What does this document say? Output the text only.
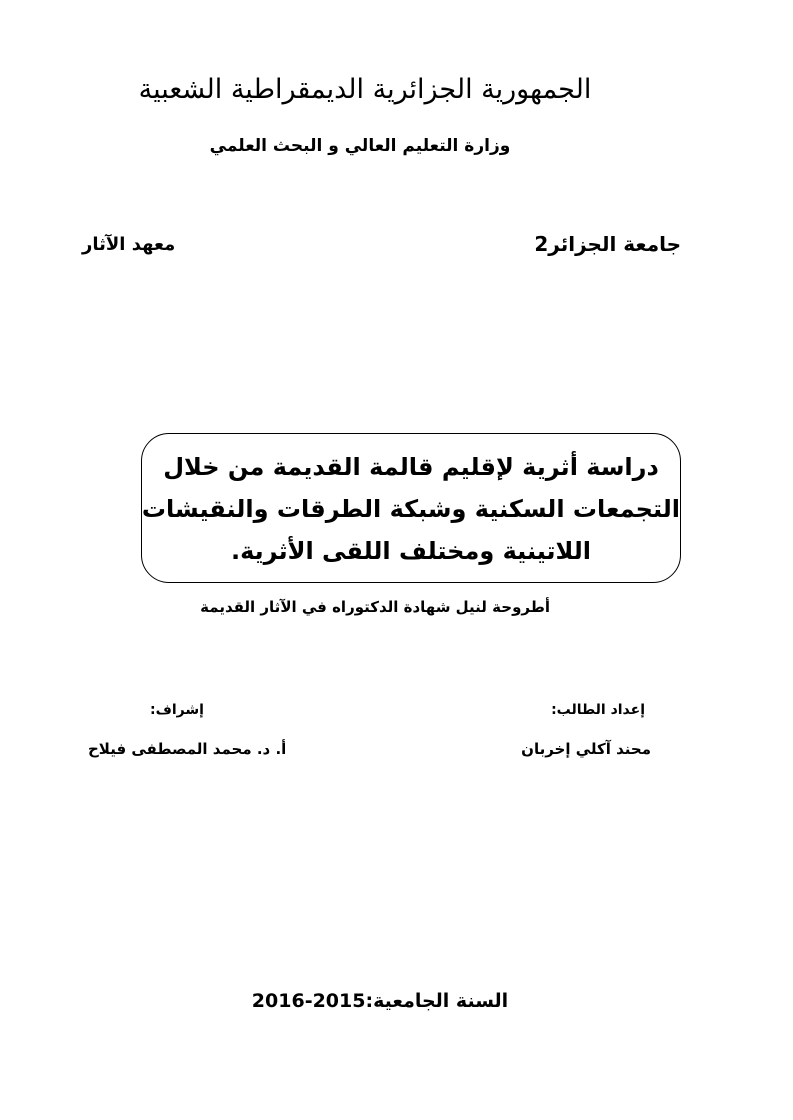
الجمهورية الجزائرية الديمقراطية الشعبية
وزارة التعليم العالي و البحث العلمي
جامعة الجزائر2
معهد الآثار
دراسة أثرية لإقليم قالمة القديمة من خلال
التجمعات السكنية وشبكة الطرقات والنقيشات
اللاتينية ومختلف اللقى الأثرية.
أطروحة لنيل شهادة الدكتوراه في الآثار القديمة
إعداد الطالب:
محند آكلي إخربان
إشراف:
أ. د. محمد المصطفى فيلاح
السنة الجامعية:2015-2016
